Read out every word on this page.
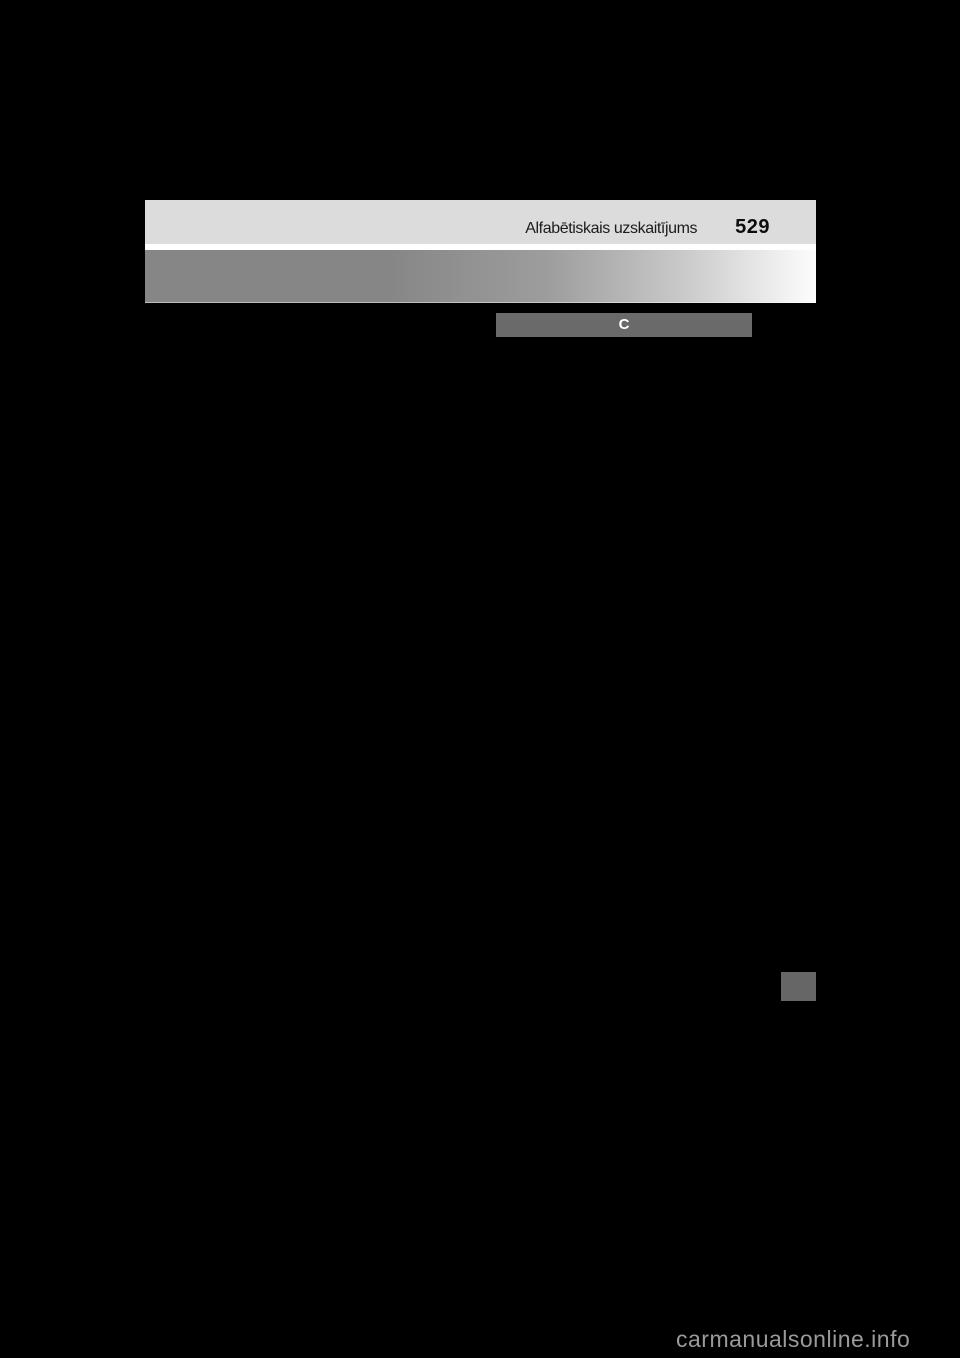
Alfabētiskais uzskaitījums 529
C
carmanualsonline.info
